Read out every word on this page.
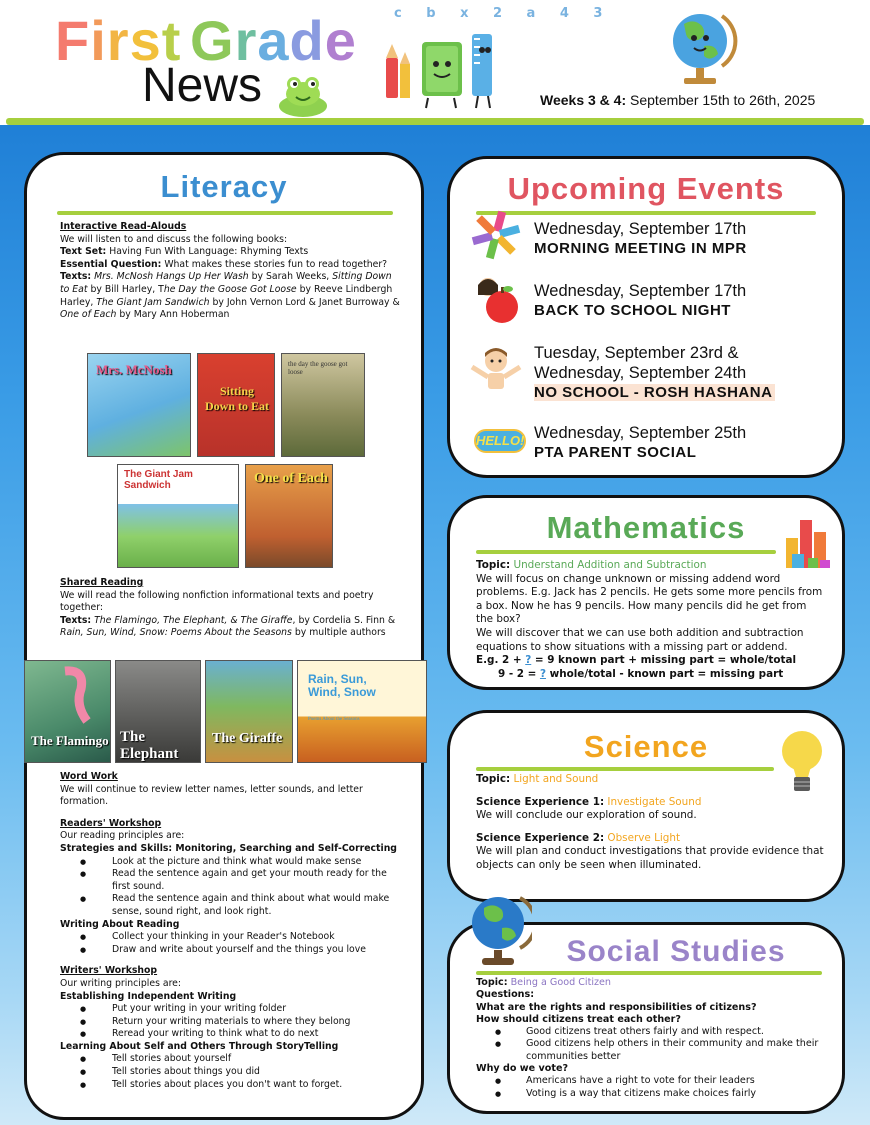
First Grade
News
c b x 2 a 4 3
Weeks 3 & 4: September 15th to 26th, 2025
Literacy
Interactive Read-Alouds
We will listen to and discuss the following books:
Text Set: Having Fun With Language: Rhyming Texts
Essential Question: What makes these stories fun to read together?
Texts: Mrs. McNosh Hangs Up Her Wash by Sarah Weeks, Sitting Down to Eat by Bill Harley, The Day the Goose Got Loose by Reeve Lindbergh Harley, The Giant Jam Sandwich by John Vernon Lord & Janet Burroway & One of Each by Mary Ann Hoberman
Mrs. McNosh
Sitting Down to Eat
the day the goose got loose
The Giant Jam Sandwich	One of Each
Shared Reading
We will read the following nonfiction informational texts and poetry together:
Texts: The Flamingo, The Elephant, & The Giraffe, by Cordelia S. Finn & Rain, Sun, Wind, Snow: Poems About the Seasons by multiple authors
The Flamingo The Elephant
The Giraffe
Rain, Sun, Wind, Snow
Poems About the Seasons
Word Work
We will continue to review letter names, letter sounds, and letter formation.
Readers' Workshop
Our reading principles are:
Strategies and Skills: Monitoring, Searching and Self-Correcting
● Look at the picture and think what would make sense
● Read the sentence again and get your mouth ready for the first sound.
● Read the sentence again and think about what would make sense, sound right, and look right.
Writing About Reading
● Collect your thinking in your Reader's Notebook
● Draw and write about yourself and the things you love
Writers' Workshop
Our writing principles are:
Establishing Independent Writing
● Put your writing in your writing folder
● Return your writing materials to where they belong
● Reread your writing to think what to do next
Learning About Self and Others Through StoryTelling
● Tell stories about yourself
● Tell stories about things you did
● Tell stories about places you don't want to forget.
Upcoming Events
Wednesday, September 17th
MORNING MEETING IN MPR
Wednesday, September 17th
BACK TO SCHOOL NIGHT
Tuesday, September 23rd &
Wednesday, September 24th
NO SCHOOL - ROSH HASHANA
HELLO! Wednesday, September 25th
PTA PARENT SOCIAL
Mathematics
Topic: Understand Addition and Subtraction
We will focus on change unknown or missing addend word problems. E.g. Jack has 2 pencils. He gets some more pencils from a box. Now he has 9 pencils. How many pencils did he get from the box?
We will discover that we can use both addition and subtraction equations to show situations with a missing part or addend.
E.g. 2 + ? = 9 known part + missing part = whole/total
9 - 2 = ? whole/total - known part = missing part
Science
Topic: Light and Sound
Science Experience 1: Investigate Sound
We will conclude our exploration of sound.
Science Experience 2: Observe Light
We will plan and conduct investigations that provide evidence that objects can only be seen when illuminated.
Social Studies
Topic: Being a Good Citizen
Questions:
What are the rights and responsibilities of citizens?
How should citizens treat each other?
● Good citizens treat others fairly and with respect.
● Good citizens help others in their community and make their communities better
Why do we vote?
● Americans have a right to vote for their leaders
● Voting is a way that citizens make choices fairly
